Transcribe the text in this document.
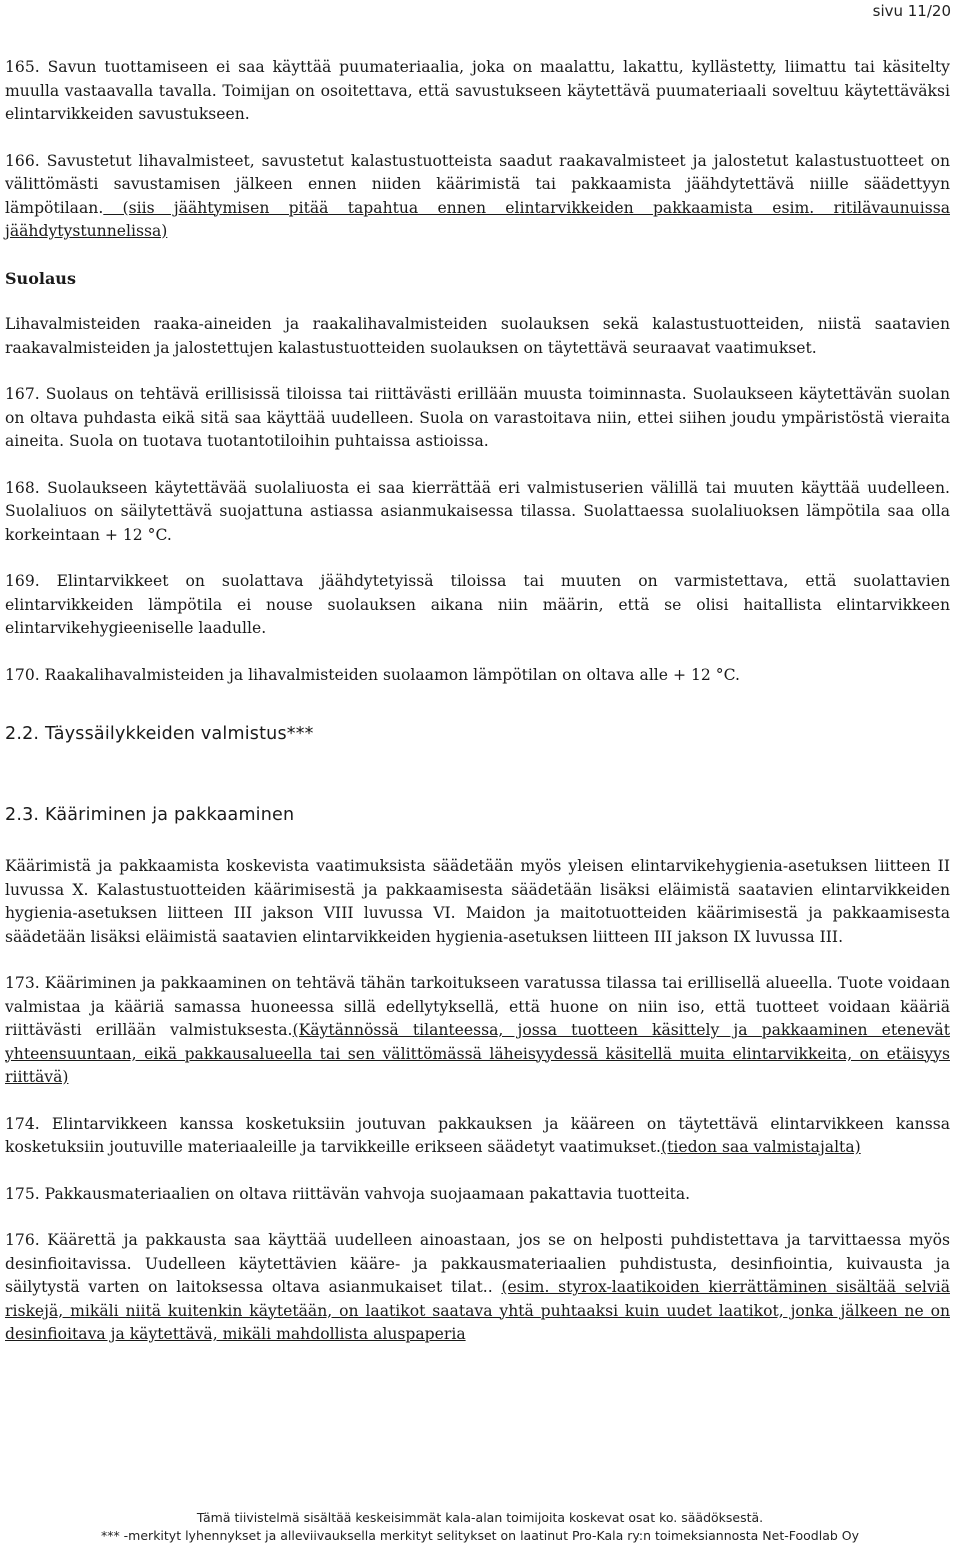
sivu 11/20

165. Savun tuottamiseen ei saa käyttää puumateriaalia, joka on maalattu, lakattu, kyllästetty, liimattu tai käsitelty muulla vastaavalla tavalla. Toimijan on osoitettava, että savustukseen käytettävä puumateriaali soveltuu käytettäväksi elintarvikkeiden savustukseen.

166. Savustetut lihavalmisteet, savustetut kalastustuotteista saadut raakavalmisteet ja jalostetut kalastustuotteet on välittömästi savustamisen jälkeen ennen niiden käärimistä tai pakkaamista jäähdytettävä niille säädettyyn lämpötilaan. (siis jäähtymisen pitää tapahtua ennen elintarvikkeiden pakkaamista esim. ritilävaunuissa jäähdytystunnelissa)

Suolaus

Lihavalmisteiden raaka-aineiden ja raakalihavalmisteiden suolauksen sekä kalastustuotteiden, niistä saatavien raakavalmisteiden ja jalostettujen kalastustuotteiden suolauksen on täytettävä seuraavat vaatimukset.

167. Suolaus on tehtävä erillisissä tiloissa tai riittävästi erillään muusta toiminnasta. Suolaukseen käytettävän suolan on oltava puhdasta eikä sitä saa käyttää uudelleen. Suola on varastoitava niin, ettei siihen joudu ympäristöstä vieraita aineita. Suola on tuotava tuotantotiloihin puhtaissa astioissa.

168. Suolaukseen käytettävää suolaliuosta ei saa kierrättää eri valmistuserien välillä tai muuten käyttää uudelleen. Suolaliuos on säilytettävä suojattuna astiassa asianmukaisessa tilassa. Suolattaessa suolaliuoksen lämpötila saa olla korkeintaan + 12 °C.

169. Elintarvikkeet on suolattava jäähdytetyissä tiloissa tai muuten on varmistettava, että suolattavien elintarvikkeiden lämpötila ei nouse suolauksen aikana niin määrin, että se olisi haitallista elintarvikkeen elintarvikehygieeniselle laadulle.

170. Raakalihavalmisteiden ja lihavalmisteiden suolaamon lämpötilan on oltava alle + 12 °C.

2.2. Täyssäilykkeiden valmistus***

2.3. Kääriminen ja pakkaaminen

Käärimistä ja pakkaamista koskevista vaatimuksista säädetään myös yleisen elintarvikehygienia-asetuksen liitteen II luvussa X. Kalastustuotteiden käärimisestä ja pakkaamisesta säädetään lisäksi eläimistä saatavien elintarvikkeiden hygienia-asetuksen liitteen III jakson VIII luvussa VI. Maidon ja maitotuotteiden käärimisestä ja pakkaamisesta säädetään lisäksi eläimistä saatavien elintarvikkeiden hygienia-asetuksen liitteen III jakson IX luvussa III.

173. Kääriminen ja pakkaaminen on tehtävä tähän tarkoitukseen varatussa tilassa tai erillisellä alueella. Tuote voidaan valmistaa ja kääriä samassa huoneessa sillä edellytyksellä, että huone on niin iso, että tuotteet voidaan kääriä riittävästi erillään valmistuksesta.(Käytännössä tilanteessa, jossa tuotteen käsittely ja pakkaaminen etenevät yhteensuuntaan, eikä pakkausalueella tai sen välittömässä läheisyydessä käsitellä muita elintarvikkeita, on etäisyys riittävä)

174. Elintarvikkeen kanssa kosketuksiin joutuvan pakkauksen ja kääreen on täytettävä elintarvikkeen kanssa kosketuksiin joutuville materiaaleille ja tarvikkeille erikseen säädetyt vaatimukset.(tiedon saa valmistajalta)

175. Pakkausmateriaalien on oltava riittävän vahvoja suojaamaan pakattavia tuotteita.

176. Käärettä ja pakkausta saa käyttää uudelleen ainoastaan, jos se on helposti puhdistettava ja tarvittaessa myös desinfioitavissa. Uudelleen käytettävien kääre- ja pakkausmateriaalien puhdistusta, desinfiointia, kuivausta ja säilytystä varten on laitoksessa oltava asianmukaiset tilat.. (esim. styrox-laatikoiden kierrättäminen sisältää selviä riskejä, mikäli niitä kuitenkin käytetään, on laatikot saatava yhtä puhtaaksi kuin uudet laatikot, jonka jälkeen ne on desinfioitava ja käytettävä, mikäli mahdollista aluspaperia

Tämä tiivistelmä sisältää keskeisimmät kala-alan toimijoita koskevat osat ko. säädöksestä.
*** -merkityt lyhennykset ja alleviivauksella merkityt selitykset on laatinut Pro-Kala ry:n toimeksiannosta Net-Foodlab Oy
